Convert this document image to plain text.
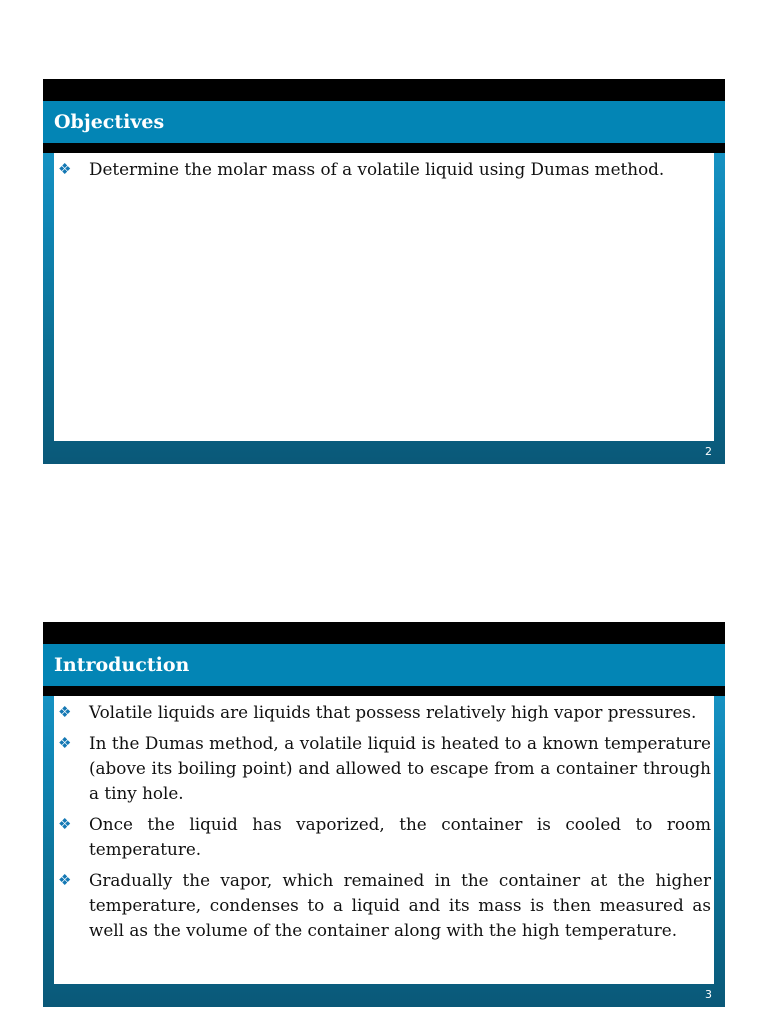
Objectives
❖	Determine the molar mass of a volatile liquid using Dumas method.
2
Introduction
❖	Volatile liquids are liquids that possess relatively high vapor pressures.
❖	In the Dumas method, a volatile liquid is heated to a known temperature (above its boiling point) and allowed to escape from a container through a tiny hole.
❖	Once the liquid has vaporized, the container is cooled to room temperature.
❖	Gradually the vapor, which remained in the container at the higher temperature, condenses to a liquid and its mass is then measured as well as the volume of the container along with the high temperature.
3
